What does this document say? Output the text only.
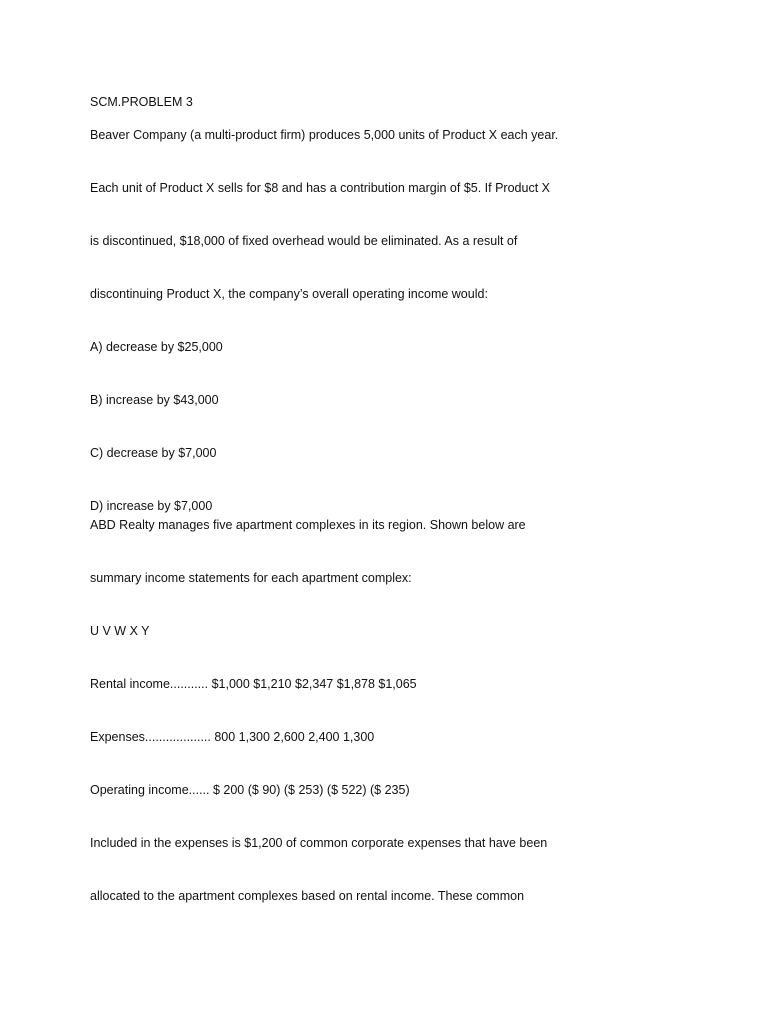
SCM.PROBLEM 3
Beaver Company (a multi-product firm) produces 5,000 units of Product X each year.
Each unit of Product X sells for $8 and has a contribution margin of $5. If Product X
is discontinued, $18,000 of fixed overhead would be eliminated. As a result of
discontinuing Product X, the company’s overall operating income would:
A) decrease by $25,000
B) increase by $43,000
C) decrease by $7,000
D) increase by $7,000
ABD Realty manages five apartment complexes in its region. Shown below are
summary income statements for each apartment complex:
U V W X Y
Rental income........... $1,000 $1,210 $2,347 $1,878 $1,065
Expenses................... 800 1,300 2,600 2,400 1,300
Operating income...... $ 200 ($ 90) ($ 253) ($ 522) ($ 235)
Included in the expenses is $1,200 of common corporate expenses that have been
allocated to the apartment complexes based on rental income. These common
